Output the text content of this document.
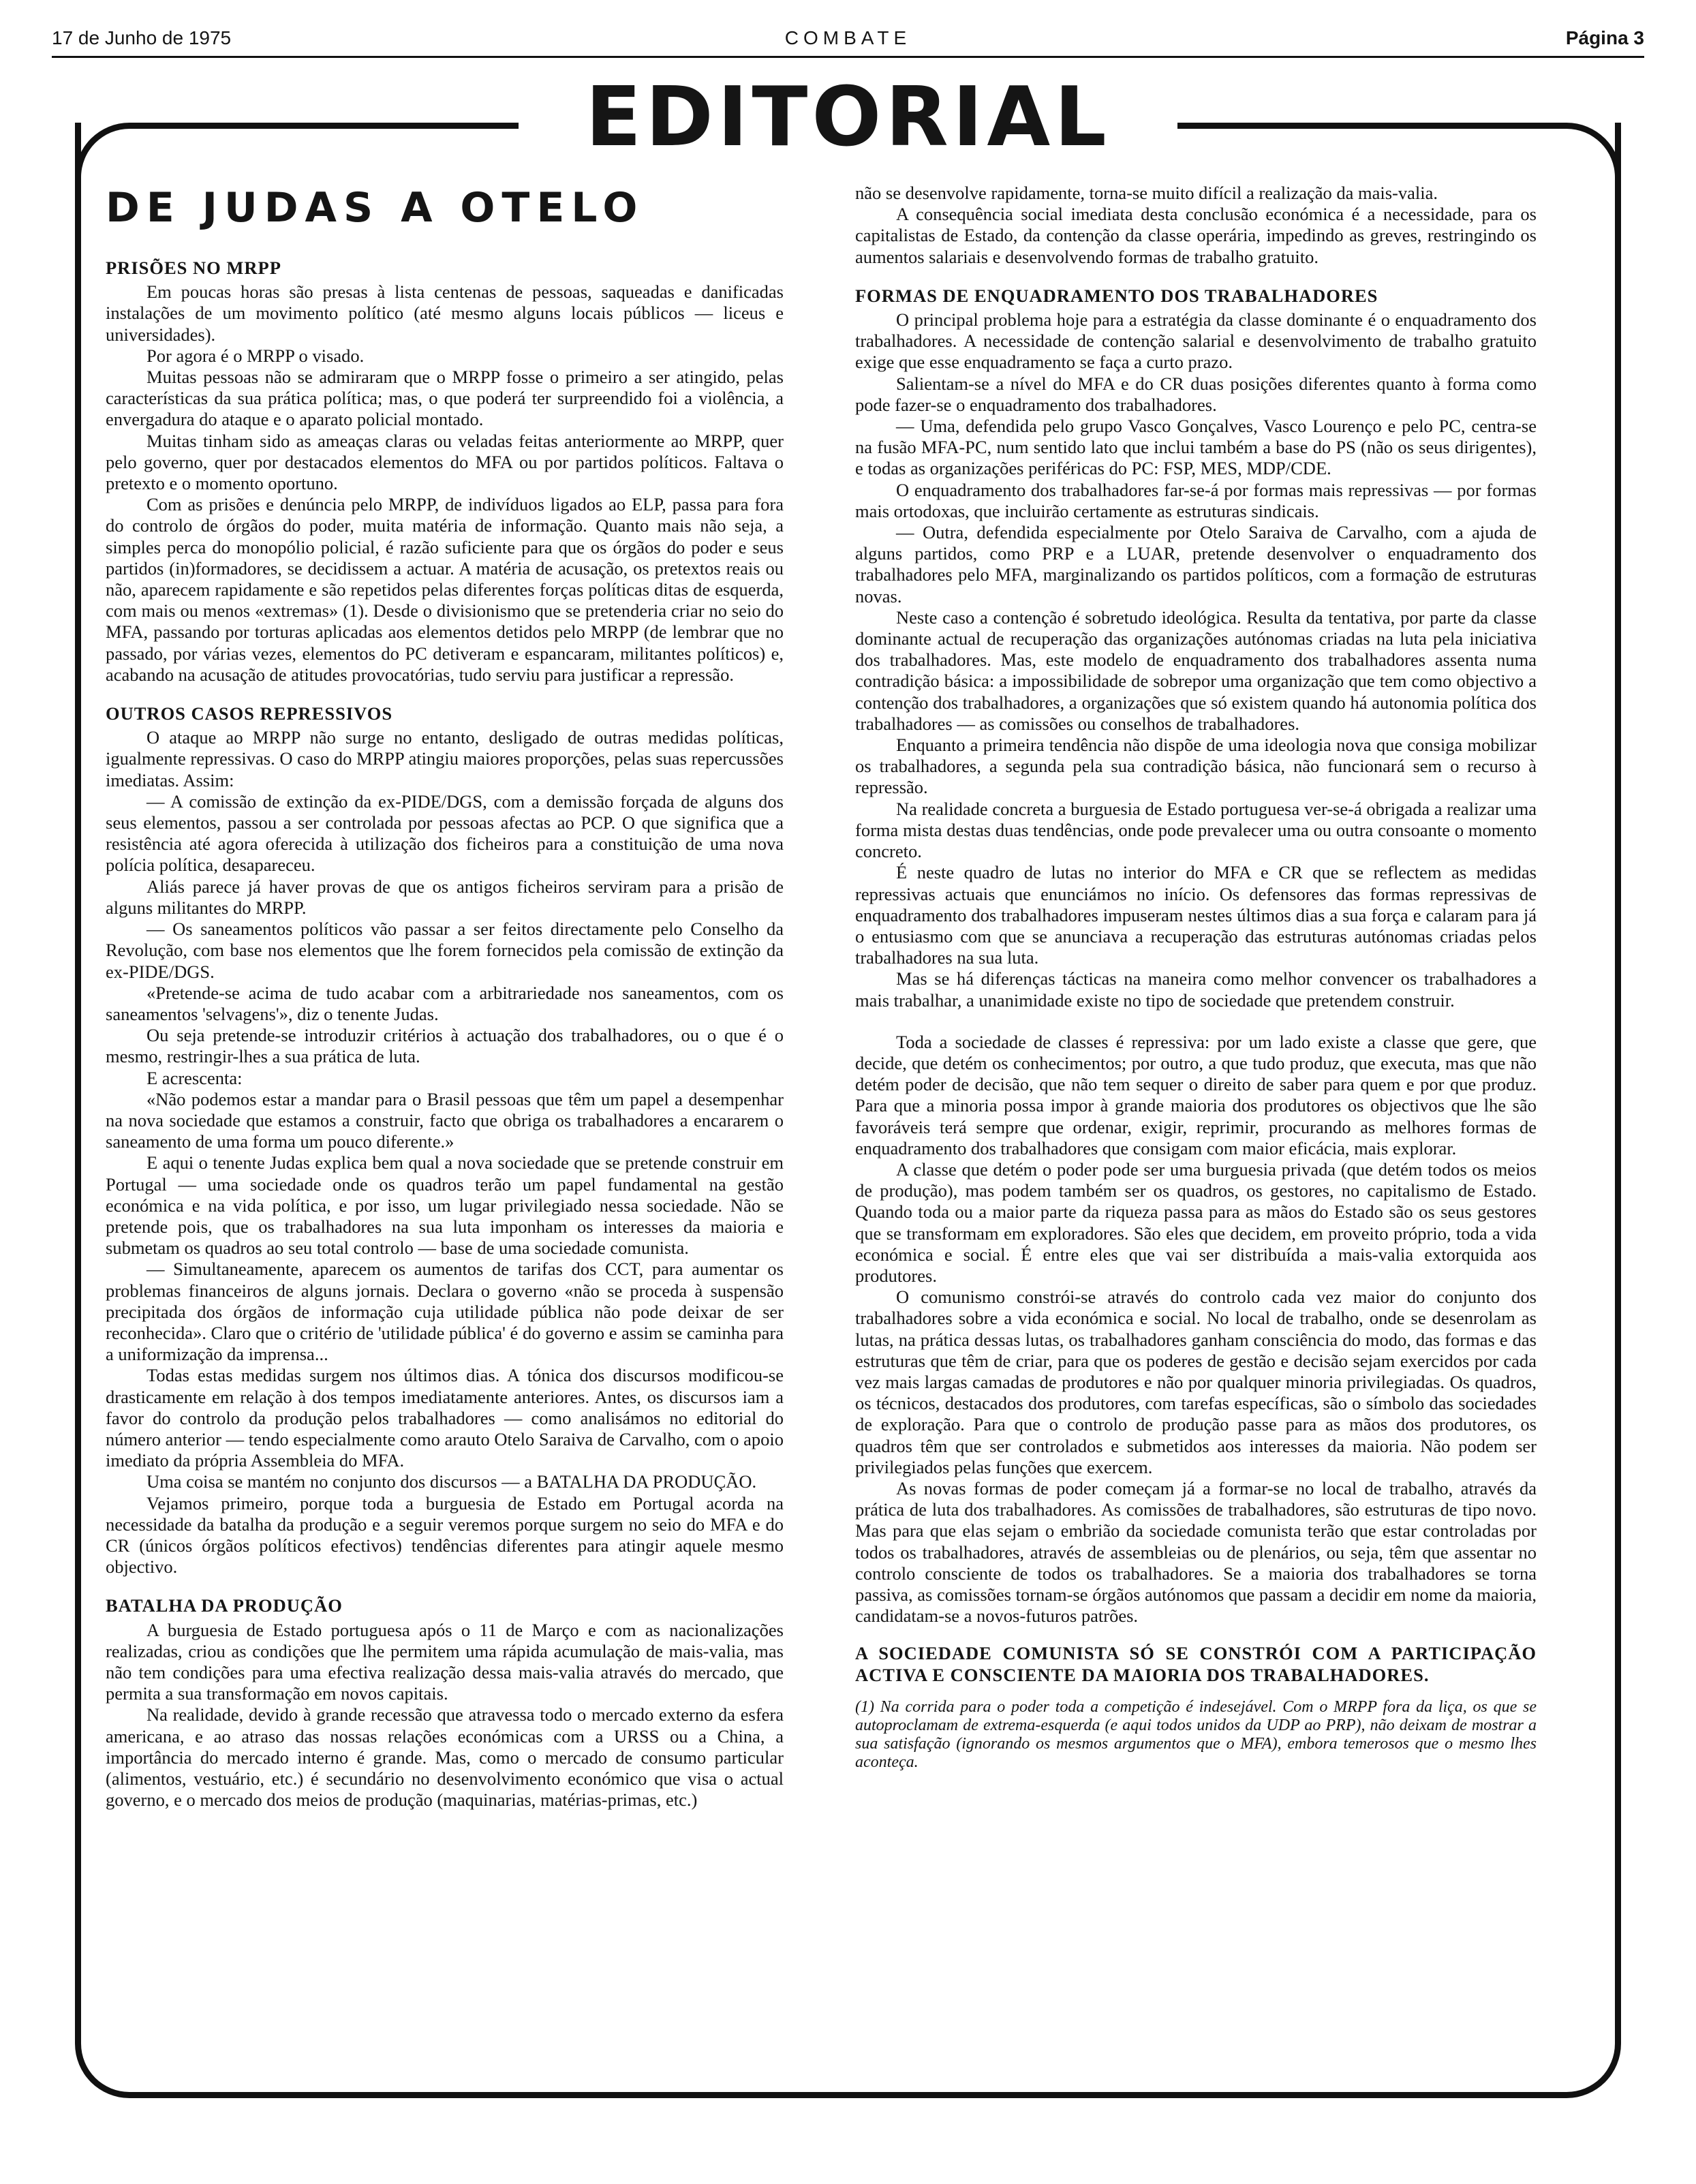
17 de Junho de 1975	COMBATE	Página 3
EDITORIAL
DE JUDAS A OTELO
PRISÕES NO MRPP
Em poucas horas são presas à lista centenas de pessoas, saqueadas e danificadas instalações de um movimento político (até mesmo alguns locais públicos — liceus e universidades).
Por agora é o MRPP o visado.
Muitas pessoas não se admiraram que o MRPP fosse o primeiro a ser atingido, pelas características da sua prática política; mas, o que poderá ter surpreendido foi a violência, a envergadura do ataque e o aparato policial montado.
Muitas tinham sido as ameaças claras ou veladas feitas anteriormente ao MRPP, quer pelo governo, quer por destacados elementos do MFA ou por partidos políticos. Faltava o pretexto e o momento oportuno.
Com as prisões e denúncia pelo MRPP, de indivíduos ligados ao ELP, passa para fora do controlo de órgãos do poder, muita matéria de informação. Quanto mais não seja, a simples perca do monopólio policial, é razão suficiente para que os órgãos do poder e seus partidos (in)formadores, se decidissem a actuar. A matéria de acusação, os pretextos reais ou não, aparecem rapidamente e são repetidos pelas diferentes forças políticas ditas de esquerda, com mais ou menos «extremas» (1). Desde o divisionismo que se pretenderia criar no seio do MFA, passando por torturas aplicadas aos elementos detidos pelo MRPP (de lembrar que no passado, por várias vezes, elementos do PC detiveram e espancaram, militantes políticos) e, acabando na acusação de atitudes provocatórias, tudo serviu para justificar a repressão.
OUTROS CASOS REPRESSIVOS
O ataque ao MRPP não surge no entanto, desligado de outras medidas políticas, igualmente repressivas. O caso do MRPP atingiu maiores proporções, pelas suas repercussões imediatas. Assim:
— A comissão de extinção da ex-PIDE/DGS, com a demissão forçada de alguns dos seus elementos, passou a ser controlada por pessoas afectas ao PCP. O que significa que a resistência até agora oferecida à utilização dos ficheiros para a constituição de uma nova polícia política, desapareceu.
Aliás parece já haver provas de que os antigos ficheiros serviram para a prisão de alguns militantes do MRPP.
— Os saneamentos políticos vão passar a ser feitos directamente pelo Conselho da Revolução, com base nos elementos que lhe forem fornecidos pela comissão de extinção da ex-PIDE/DGS.
«Pretende-se acima de tudo acabar com a arbitrariedade nos saneamentos, com os saneamentos 'selvagens'», diz o tenente Judas.
Ou seja pretende-se introduzir critérios à actuação dos trabalhadores, ou o que é o mesmo, restringir-lhes a sua prática de luta.
E acrescenta:
«Não podemos estar a mandar para o Brasil pessoas que têm um papel a desempenhar na nova sociedade que estamos a construir, facto que obriga os trabalhadores a encararem o saneamento de uma forma um pouco diferente.»
E aqui o tenente Judas explica bem qual a nova sociedade que se pretende construir em Portugal — uma sociedade onde os quadros terão um papel fundamental na gestão económica e na vida política, e por isso, um lugar privilegiado nessa sociedade. Não se pretende pois, que os trabalhadores na sua luta imponham os interesses da maioria e submetam os quadros ao seu total controlo — base de uma sociedade comunista.
— Simultaneamente, aparecem os aumentos de tarifas dos CCT, para aumentar os problemas financeiros de alguns jornais. Declara o governo «não se proceda à suspensão precipitada dos órgãos de informação cuja utilidade pública não pode deixar de ser reconhecida». Claro que o critério de 'utilidade pública' é do governo e assim se caminha para a uniformização da imprensa...
Todas estas medidas surgem nos últimos dias. A tónica dos discursos modificou-se drasticamente em relação à dos tempos imediatamente anteriores. Antes, os discursos iam a favor do controlo da produção pelos trabalhadores — como analisámos no editorial do número anterior — tendo especialmente como arauto Otelo Saraiva de Carvalho, com o apoio imediato da própria Assembleia do MFA.
Uma coisa se mantém no conjunto dos discursos — a BATALHA DA PRODUÇÃO.
Vejamos primeiro, porque toda a burguesia de Estado em Portugal acorda na necessidade da batalha da produção e a seguir veremos porque surgem no seio do MFA e do CR (únicos órgãos políticos efectivos) tendências diferentes para atingir aquele mesmo objectivo.
BATALHA DA PRODUÇÃO
A burguesia de Estado portuguesa após o 11 de Março e com as nacionalizações realizadas, criou as condições que lhe permitem uma rápida acumulação de mais-valia, mas não tem condições para uma efectiva realização dessa mais-valia através do mercado, que permita a sua transformação em novos capitais.
Na realidade, devido à grande recessão que atravessa todo o mercado externo da esfera americana, e ao atraso das nossas relações económicas com a URSS ou a China, a importância do mercado interno é grande. Mas, como o mercado de consumo particular (alimentos, vestuário, etc.) é secundário no desenvolvimento económico que visa o actual governo, e o mercado dos meios de produção (maquinarias, matérias-primas, etc.)
não se desenvolve rapidamente, torna-se muito difícil a realização da mais-valia.
A consequência social imediata desta conclusão económica é a necessidade, para os capitalistas de Estado, da contenção da classe operária, impedindo as greves, restringindo os aumentos salariais e desenvolvendo formas de trabalho gratuito.
FORMAS DE ENQUADRAMENTO DOS TRABALHADORES
O principal problema hoje para a estratégia da classe dominante é o enquadramento dos trabalhadores. A necessidade de contenção salarial e desenvolvimento de trabalho gratuito exige que esse enquadramento se faça a curto prazo.
Salientam-se a nível do MFA e do CR duas posições diferentes quanto à forma como pode fazer-se o enquadramento dos trabalhadores.
— Uma, defendida pelo grupo Vasco Gonçalves, Vasco Lourenço e pelo PC, centra-se na fusão MFA-PC, num sentido lato que inclui também a base do PS (não os seus dirigentes), e todas as organizações periféricas do PC: FSP, MES, MDP/CDE.
O enquadramento dos trabalhadores far-se-á por formas mais repressivas — por formas mais ortodoxas, que incluirão certamente as estruturas sindicais.
— Outra, defendida especialmente por Otelo Saraiva de Carvalho, com a ajuda de alguns partidos, como PRP e a LUAR, pretende desenvolver o enquadramento dos trabalhadores pelo MFA, marginalizando os partidos políticos, com a formação de estruturas novas.
Neste caso a contenção é sobretudo ideológica. Resulta da tentativa, por parte da classe dominante actual de recuperação das organizações autónomas criadas na luta pela iniciativa dos trabalhadores. Mas, este modelo de enquadramento dos trabalhadores assenta numa contradição básica: a impossibilidade de sobrepor uma organização que tem como objectivo a contenção dos trabalhadores, a organizações que só existem quando há autonomia política dos trabalhadores — as comissões ou conselhos de trabalhadores.
Enquanto a primeira tendência não dispõe de uma ideologia nova que consiga mobilizar os trabalhadores, a segunda pela sua contradição básica, não funcionará sem o recurso à repressão.
Na realidade concreta a burguesia de Estado portuguesa ver-se-á obrigada a realizar uma forma mista destas duas tendências, onde pode prevalecer uma ou outra consoante o momento concreto.
É neste quadro de lutas no interior do MFA e CR que se reflectem as medidas repressivas actuais que enunciámos no início. Os defensores das formas repressivas de enquadramento dos trabalhadores impuseram nestes últimos dias a sua força e calaram para já o entusiasmo com que se anunciava a recuperação das estruturas autónomas criadas pelos trabalhadores na sua luta.
Mas se há diferenças tácticas na maneira como melhor convencer os trabalhadores a mais trabalhar, a unanimidade existe no tipo de sociedade que pretendem construir.
Toda a sociedade de classes é repressiva: por um lado existe a classe que gere, que decide, que detém os conhecimentos; por outro, a que tudo produz, que executa, mas que não detém poder de decisão, que não tem sequer o direito de saber para quem e por que produz. Para que a minoria possa impor à grande maioria dos produtores os objectivos que lhe são favoráveis terá sempre que ordenar, exigir, reprimir, procurando as melhores formas de enquadramento dos trabalhadores que consigam com maior eficácia, mais explorar.
A classe que detém o poder pode ser uma burguesia privada (que detém todos os meios de produção), mas podem também ser os quadros, os gestores, no capitalismo de Estado. Quando toda ou a maior parte da riqueza passa para as mãos do Estado são os seus gestores que se transformam em exploradores. São eles que decidem, em proveito próprio, toda a vida económica e social. É entre eles que vai ser distribuída a mais-valia extorquida aos produtores.
O comunismo constrói-se através do controlo cada vez maior do conjunto dos trabalhadores sobre a vida económica e social. No local de trabalho, onde se desenrolam as lutas, na prática dessas lutas, os trabalhadores ganham consciência do modo, das formas e das estruturas que têm de criar, para que os poderes de gestão e decisão sejam exercidos por cada vez mais largas camadas de produtores e não por qualquer minoria privilegiadas. Os quadros, os técnicos, destacados dos produtores, com tarefas específicas, são o símbolo das sociedades de exploração. Para que o controlo de produção passe para as mãos dos produtores, os quadros têm que ser controlados e submetidos aos interesses da maioria. Não podem ser privilegiados pelas funções que exercem.
As novas formas de poder começam já a formar-se no local de trabalho, através da prática de luta dos trabalhadores. As comissões de trabalhadores, são estruturas de tipo novo. Mas para que elas sejam o embrião da sociedade comunista terão que estar controladas por todos os trabalhadores, através de assembleias ou de plenários, ou seja, têm que assentar no controlo consciente de todos os trabalhadores. Se a maioria dos trabalhadores se torna passiva, as comissões tornam-se órgãos autónomos que passam a decidir em nome da maioria, candidatam-se a novos-futuros patrões.
A SOCIEDADE COMUNISTA SÓ SE CONSTRÓI COM A PARTICIPAÇÃO ACTIVA E CONSCIENTE DA MAIORIA DOS TRABALHADORES.
(1) Na corrida para o poder toda a competição é indesejável. Com o MRPP fora da liça, os que se autoproclamam de extrema-esquerda (e aqui todos unidos da UDP ao PRP), não deixam de mostrar a sua satisfação (ignorando os mesmos argumentos que o MFA), embora temerosos que o mesmo lhes aconteça.
